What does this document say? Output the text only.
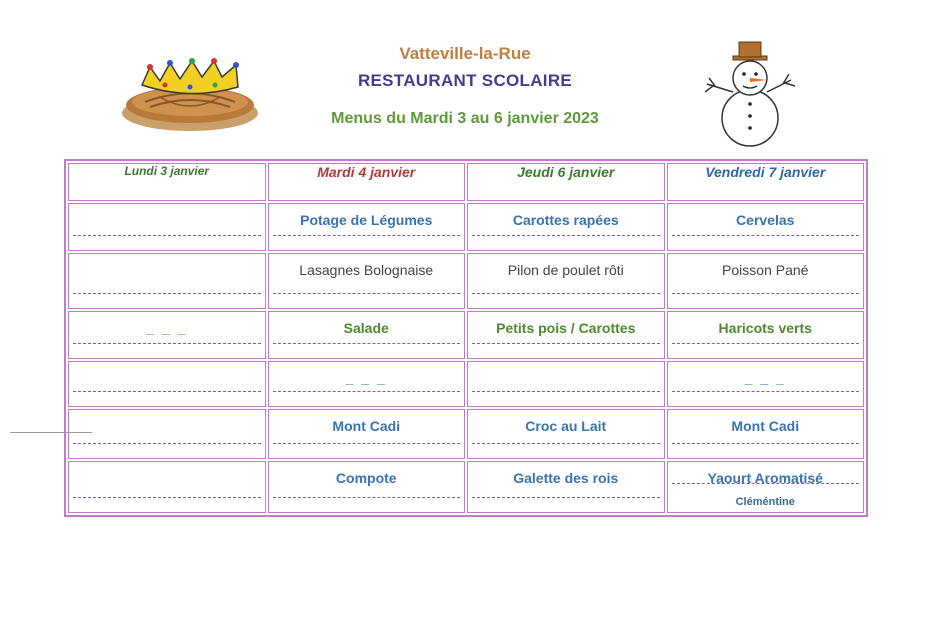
Vatteville-la-Rue
RESTAURANT SCOLAIRE
Menus du Mardi 3 au 6 janvier 2023
Lundi 3 janvier	Mardi 4 janvier	Jeudi 6 janvier	Vendredi 7 janvier

	Potage de Légumes	Carottes rapées	Cervelas

	Lasagnes Bolognaise	Pilon de poulet rôti	Poisson Pané

_ _ _	Salade	Petits pois / Carottes	Haricots verts

	_ _ _		_ _ _

	Mont Cadi	Croc au Lait	Mont Cadi

	Compote	Galette des rois	Yaourt Aromatisé
Cléméntine
